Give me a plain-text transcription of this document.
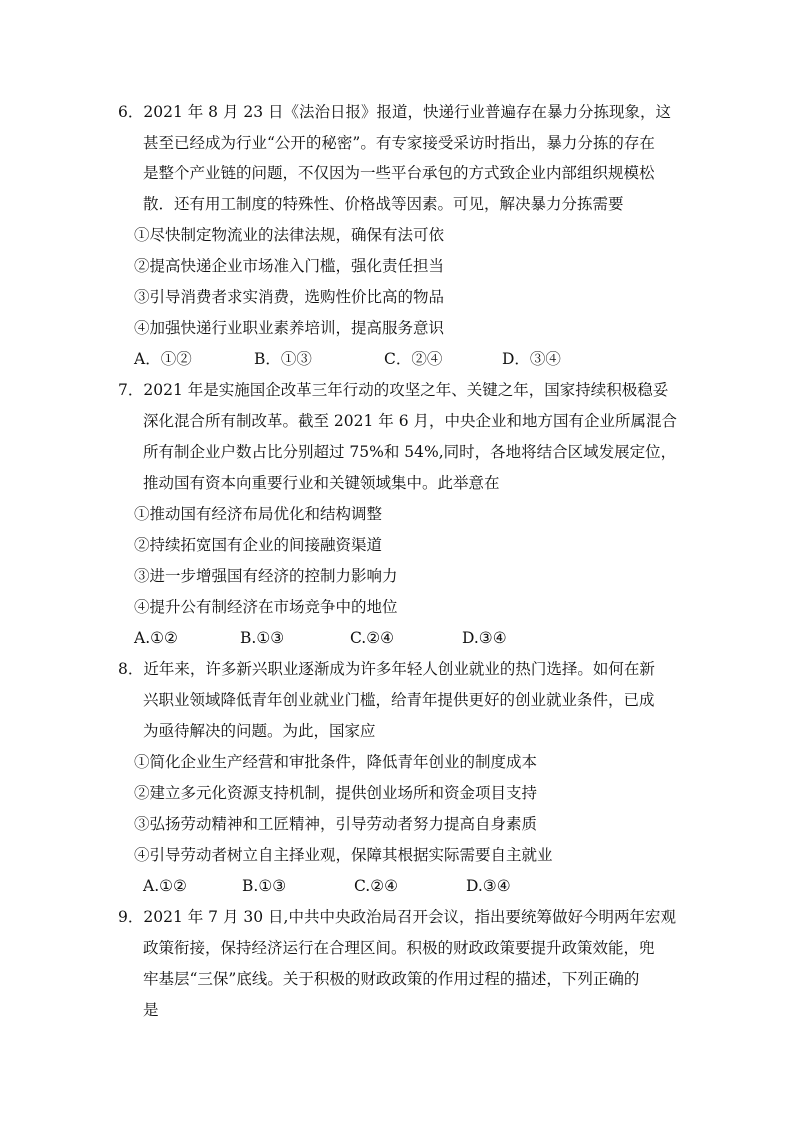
6．2021 年 8 月 23 日《法治日报》报道，快递行业普遍存在暴力分拣现象，这
甚至已经成为行业“公开的秘密”。有专家接受采访时指出，暴力分拣的存在
是整个产业链的问题，不仅因为一些平台承包的方式致企业内部组织规模松
散．还有用工制度的特殊性、价格战等因素。可见，解决暴力分拣需要
①尽快制定物流业的法律法规，确保有法可依
②提高快递企业市场准入门槛，强化责任担当
③引导消费者求实消费，选购性价比高的物品
④加强快递行业职业素养培训，提高服务意识
A．①②	B．①③	C．②④	D．③④
7．2021 年是实施国企改革三年行动的攻坚之年、关键之年，国家持续积极稳妥
深化混合所有制改革。截至 2021 年 6 月，中央企业和地方国有企业所属混合
所有制企业户数占比分别超过 75%和 54%,同时，各地将结合区域发展定位，
推动国有资本向重要行业和关键领域集中。此举意在
①推动国有经济布局优化和结构调整
②持续拓宽国有企业的间接融资渠道
③进一步增强国有经济的控制力影响力
④提升公有制经济在市场竞争中的地位
A.①②	B.①③	C.②④	D.③④
8．近年来，许多新兴职业逐渐成为许多年轻人创业就业的热门选择。如何在新
兴职业领域降低青年创业就业门槛，给青年提供更好的创业就业条件，已成
为亟待解决的问题。为此，国家应
①简化企业生产经营和审批条件，降低青年创业的制度成本
②建立多元化资源支持机制，提供创业场所和资金项目支持
③弘扬劳动精神和工匠精神，引导劳动者努力提高自身素质
④引导劳动者树立自主择业观，保障其根据实际需要自主就业
A.①②	B.①③	C.②④	D.③④
9．2021 年 7 月 30 日,中共中央政治局召开会议，指出要统筹做好今明两年宏观
政策衔接，保持经济运行在合理区间。积极的财政政策要提升政策效能，兜
牢基层“三保”底线。关于积极的财政政策的作用过程的描述，下列正确的
是
